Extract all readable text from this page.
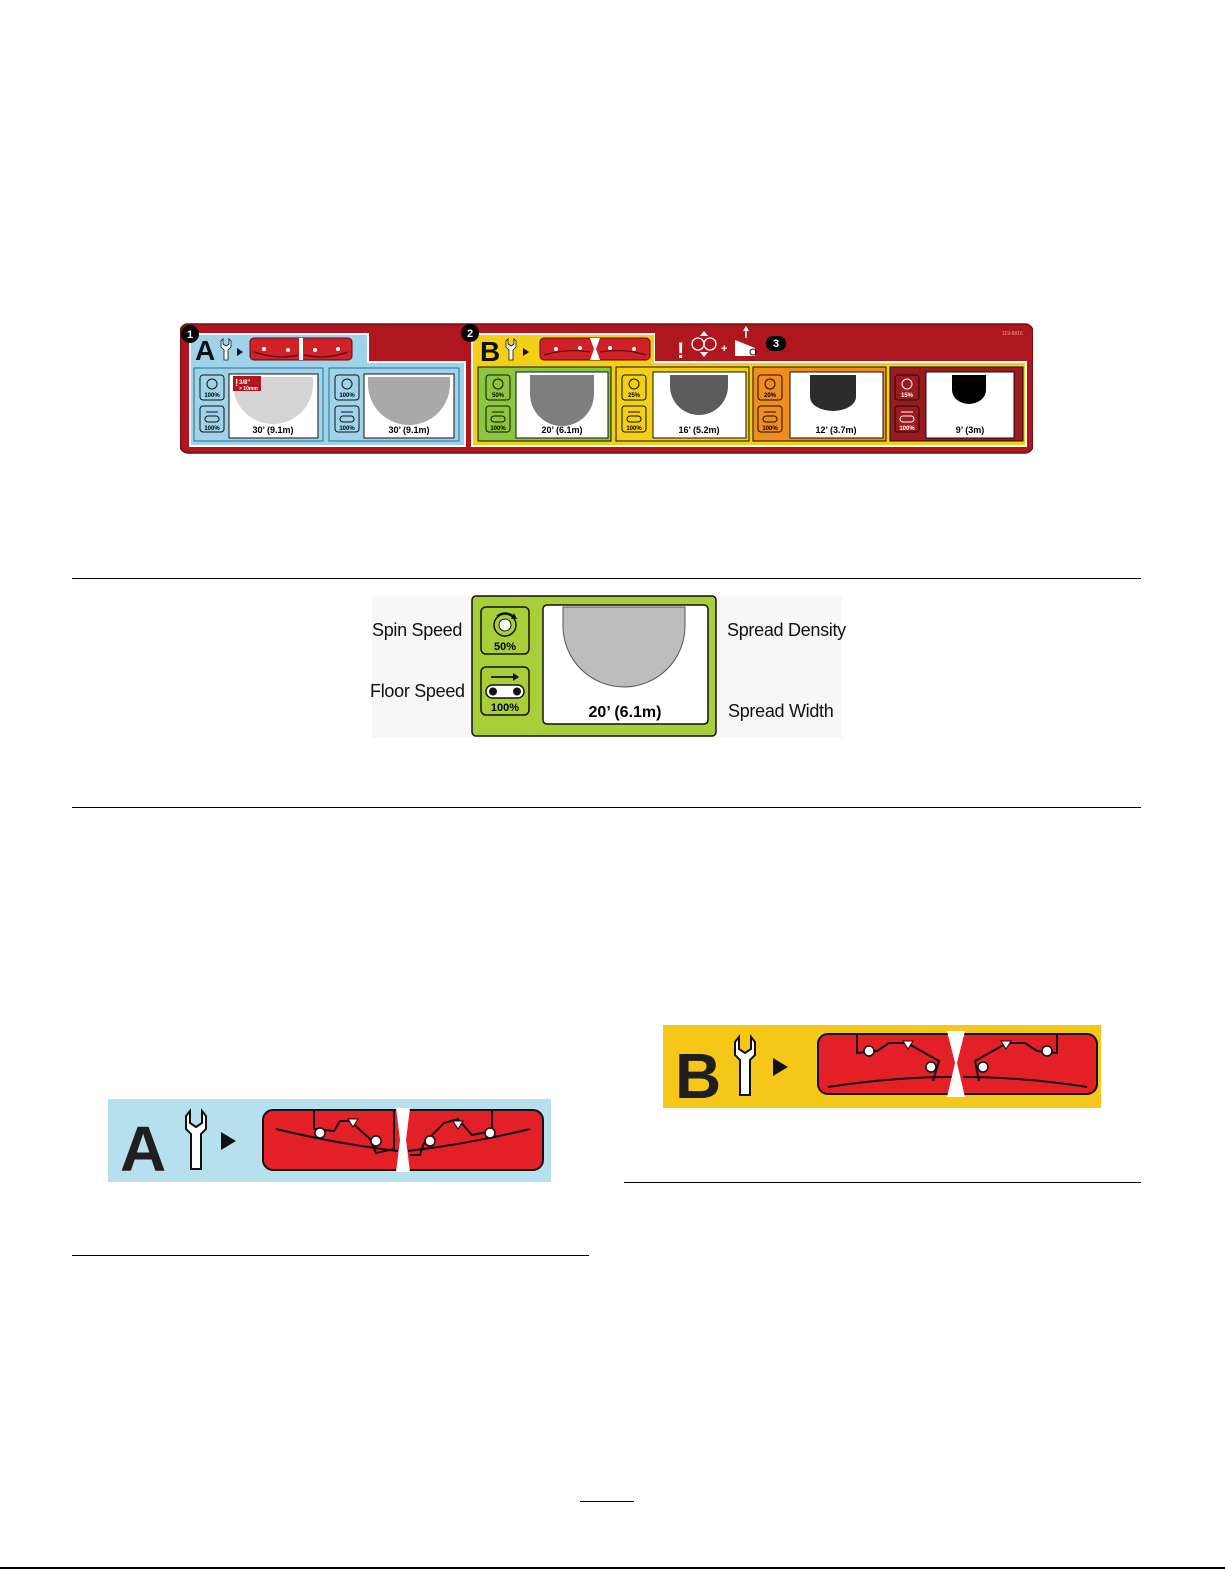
1 A
100%
100%
3/8"
> 10mm
!
30’ (9.1m)
100%
100%	30’ (9.1m)
2
B	!	+	3
119-8816
50%
100%	20’ (6.1m)
25%
100%	16’ (5.2m)
20%
100%	12’ (3.7m)
15%
100%	9’ (3m)
Spin Speed
Floor Speed
Spread Density
Spread Width
50%
100%	20’ (6.1m)
A
B
